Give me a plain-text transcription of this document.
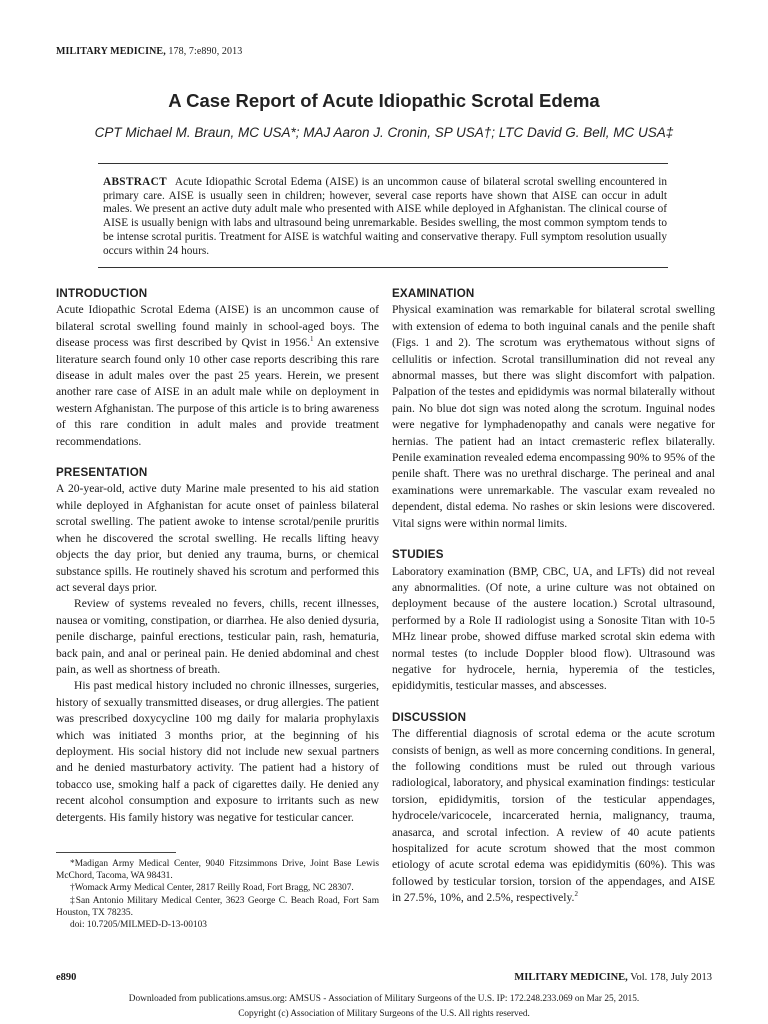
MILITARY MEDICINE, 178, 7:e890, 2013
A Case Report of Acute Idiopathic Scrotal Edema
CPT Michael M. Braun, MC USA*; MAJ Aaron J. Cronin, SP USA†; LTC David G. Bell, MC USA‡
ABSTRACT Acute Idiopathic Scrotal Edema (AISE) is an uncommon cause of bilateral scrotal swelling encountered in primary care. AISE is usually seen in children; however, several case reports have shown that AISE can occur in adult males. We present an active duty adult male who presented with AISE while deployed in Afghanistan. The clinical course of AISE is usually benign with labs and ultrasound being unremarkable. Besides swelling, the most common symptom tends to be intense scrotal puritis. Treatment for AISE is watchful waiting and conservative therapy. Full symptom resolution usually occurs within 24 hours.
INTRODUCTION

Acute Idiopathic Scrotal Edema (AISE) is an uncommon cause of bilateral scrotal swelling found mainly in school-aged boys. The disease process was first described by Qvist in 1956.$^1$ An extensive literature search found only 10 other case reports describing this rare disease in adult males over the past 25 years. Herein, we present another rare case of AISE in an adult male while on deployment in western Afghanistan. The purpose of this article is to bring awareness of this rare condition in adult males and provide treatment recommendations.

PRESENTATION

A 20-year-old, active duty Marine male presented to his aid station while deployed in Afghanistan for acute onset of painless bilateral scrotal swelling. The patient awoke to intense scrotal/penile pruritis when he discovered the scrotal swelling. He recalls lifting heavy objects the day prior, but denied any trauma, burns, or chemical substance spills. He routinely shaved his scrotum and performed this act several days prior.

Review of systems revealed no fevers, chills, recent illnesses, nausea or vomiting, constipation, or diarrhea. He also denied dysuria, penile discharge, painful erections, testicular pain, rash, hematuria, back pain, and anal or perineal pain. He denied abdominal and chest pain, as well as shortness of breath.

His past medical history included no chronic illnesses, surgeries, history of sexually transmitted diseases, or drug allergies. The patient was prescribed doxycycline 100 mg daily for malaria prophylaxis which was initiated 3 months prior, at the beginning of his deployment. His social history did not include new sexual partners and he denied masturbatory activity. The patient had a history of tobacco use, smoking half a pack of cigarettes daily. He denied any recent alcohol consumption and exposure to irritants such as new detergents. His family history was negative for testicular cancer.

*Madigan Army Medical Center, 9040 Fitzsimmons Drive, Joint Base Lewis McChord, Tacoma, WA 98431.

†Womack Army Medical Center, 2817 Reilly Road, Fort Bragg, NC 28307.

‡San Antonio Military Medical Center, 3623 George C. Beach Road, Fort Sam Houston, TX 78235.

doi: 10.7205/MILMED-D-13-00103

EXAMINATION

Physical examination was remarkable for bilateral scrotal swelling with extension of edema to both inguinal canals and the penile shaft (Figs. 1 and 2). The scrotum was erythematous without signs of cellulitis or infection. Scrotal transillumination did not reveal any abnormal masses, but there was slight discomfort with palpation. Palpation of the testes and epididymis was normal bilaterally without pain. No blue dot sign was noted along the scrotum. Inguinal nodes were negative for lymphadenopathy and canals were negative for hernias. The patient had an intact cremasteric reflex bilaterally. Penile examination revealed edema encompassing 90% to 95% of the penile shaft. There was no urethral discharge. The perineal and anal examinations were unremarkable. The vascular exam revealed no dependent, distal edema. No rashes or skin lesions were discovered. Vital signs were within normal limits.

STUDIES

Laboratory examination (BMP, CBC, UA, and LFTs) did not reveal any abnormalities. (Of note, a urine culture was not obtained on deployment because of the austere location.) Scrotal ultrasound, performed by a Role II radiologist using a Sonosite Titan with 10-5 MHz linear probe, showed diffuse marked scrotal skin edema with normal testes (to include Doppler blood flow). Ultrasound was negative for hydrocele, hernia, hyperemia of the testicles, epididymitis, testicular masses, and abscesses.

DISCUSSION

The differential diagnosis of scrotal edema or the acute scrotum consists of benign, as well as more concerning conditions. In general, the following conditions must be ruled out through various radiological, laboratory, and physical examination findings: testicular torsion, epididymitis, torsion of the testicular appendages, hydrocele/varicocele, incarcerated hernia, malignancy, trauma, anasarca, and scrotal infection. A review of 40 acute patients hospitalized for acute scrotum showed that the most common etiology of acute scrotal edema was epididymitis (60%). This was followed by testicular torsion, torsion of the appendages, and AISE in 27.5%, 10%, and 2.5%, respectively.$^2$

e890	MILITARY MEDICINE, Vol. 178, July 2013
Downloaded from publications.amsus.org: AMSUS - Association of Military Surgeons of the U.S. IP: 172.248.233.069 on Mar 25, 2015.
Copyright (c) Association of Military Surgeons of the U.S. All rights reserved.
